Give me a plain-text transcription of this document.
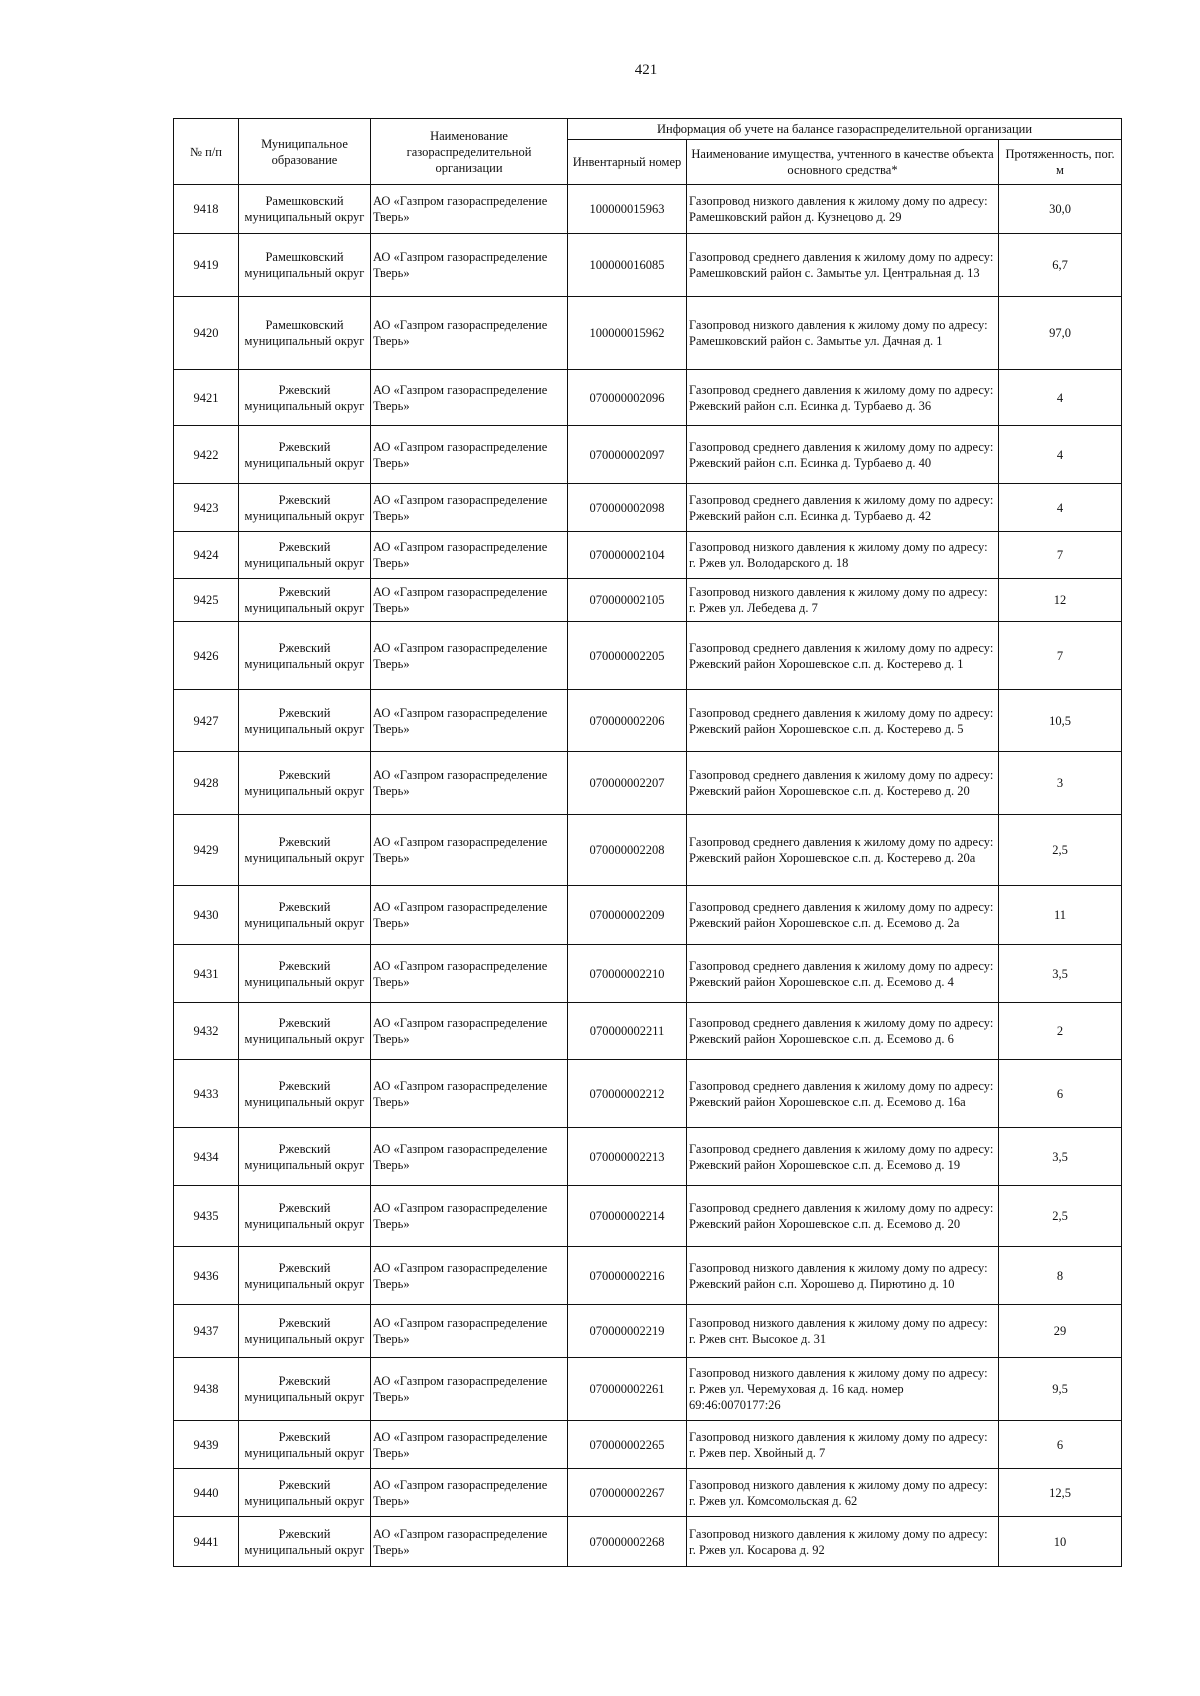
421
№ п/п	Муниципальное образование	Наименование газораспределительной организации	Информация об учете на балансе газораспределительной организации		
			Инвентарный номер	Наименование имущества, учтенного в качестве объекта основного средства*	Протяженность, пог. м
9418	Рамешковский муниципальный округ	АО «Газпром газораспределение Тверь»	100000015963	Газопровод низкого давления к жилому дому по адресу: Рамешковский район д. Кузнецово д. 29	30,0
9419	Рамешковский муниципальный округ	АО «Газпром газораспределение Тверь»	100000016085	Газопровод среднего давления к жилому дому по адресу: Рамешковский район с. Замытье ул. Центральная д. 13	6,7
9420	Рамешковский муниципальный округ	АО «Газпром газораспределение Тверь»	100000015962	Газопровод низкого давления к жилому дому по адресу: Рамешковский район с. Замытье ул. Дачная д. 1	97,0
9421	Ржевский муниципальный округ	АО «Газпром газораспределение Тверь»	070000002096	Газопровод среднего давления к жилому дому по адресу: Ржевский район с.п. Есинка д. Турбаево д. 36	4
9422	Ржевский муниципальный округ	АО «Газпром газораспределение Тверь»	070000002097	Газопровод среднего давления к жилому дому по адресу: Ржевский район с.п. Есинка д. Турбаево д. 40	4
9423	Ржевский муниципальный округ	АО «Газпром газораспределение Тверь»	070000002098	Газопровод среднего давления к жилому дому по адресу: Ржевский район с.п. Есинка д. Турбаево д. 42	4
9424	Ржевский муниципальный округ	АО «Газпром газораспределение Тверь»	070000002104	Газопровод низкого давления к жилому дому по адресу: г. Ржев ул. Володарского д. 18	7
9425	Ржевский муниципальный округ	АО «Газпром газораспределение Тверь»	070000002105	Газопровод низкого давления к жилому дому по адресу: г. Ржев ул. Лебедева д. 7	12
9426	Ржевский муниципальный округ	АО «Газпром газораспределение Тверь»	070000002205	Газопровод среднего давления к жилому дому по адресу: Ржевский район Хорошевское с.п. д. Костерево д. 1	7
9427	Ржевский муниципальный округ	АО «Газпром газораспределение Тверь»	070000002206	Газопровод среднего давления к жилому дому по адресу: Ржевский район Хорошевское с.п. д. Костерево д. 5	10,5
9428	Ржевский муниципальный округ	АО «Газпром газораспределение Тверь»	070000002207	Газопровод среднего давления к жилому дому по адресу: Ржевский район Хорошевское с.п. д. Костерево д. 20	3
9429	Ржевский муниципальный округ	АО «Газпром газораспределение Тверь»	070000002208	Газопровод среднего давления к жилому дому по адресу: Ржевский район Хорошевское с.п. д. Костерево д. 20а	2,5
9430	Ржевский муниципальный округ	АО «Газпром газораспределение Тверь»	070000002209	Газопровод среднего давления к жилому дому по адресу: Ржевский район Хорошевское с.п. д. Есемово д. 2а	11
9431	Ржевский муниципальный округ	АО «Газпром газораспределение Тверь»	070000002210	Газопровод среднего давления к жилому дому по адресу: Ржевский район Хорошевское с.п. д. Есемово д. 4	3,5
9432	Ржевский муниципальный округ	АО «Газпром газораспределение Тверь»	070000002211	Газопровод среднего давления к жилому дому по адресу: Ржевский район Хорошевское с.п. д. Есемово д. 6	2
9433	Ржевский муниципальный округ	АО «Газпром газораспределение Тверь»	070000002212	Газопровод среднего давления к жилому дому по адресу: Ржевский район Хорошевское с.п. д. Есемово д. 16а	6
9434	Ржевский муниципальный округ	АО «Газпром газораспределение Тверь»	070000002213	Газопровод среднего давления к жилому дому по адресу: Ржевский район Хорошевское с.п. д. Есемово д. 19	3,5
9435	Ржевский муниципальный округ	АО «Газпром газораспределение Тверь»	070000002214	Газопровод среднего давления к жилому дому по адресу: Ржевский район Хорошевское с.п. д. Есемово д. 20	2,5
9436	Ржевский муниципальный округ	АО «Газпром газораспределение Тверь»	070000002216	Газопровод низкого давления к жилому дому по адресу: Ржевский район с.п. Хорошево д. Пирютино д. 10	8
9437	Ржевский муниципальный округ	АО «Газпром газораспределение Тверь»	070000002219	Газопровод низкого давления к жилому дому по адресу: г. Ржев снт. Высокое д. 31	29
9438	Ржевский муниципальный округ	АО «Газпром газораспределение Тверь»	070000002261	Газопровод низкого давления к жилому дому по адресу: г. Ржев ул. Черемуховая д. 16 кад. номер 69:46:0070177:26	9,5
9439	Ржевский муниципальный округ	АО «Газпром газораспределение Тверь»	070000002265	Газопровод низкого давления к жилому дому по адресу: г. Ржев пер. Хвойный д. 7	6
9440	Ржевский муниципальный округ	АО «Газпром газораспределение Тверь»	070000002267	Газопровод низкого давления к жилому дому по адресу: г. Ржев ул. Комсомольская д. 62	12,5
9441	Ржевский муниципальный округ	АО «Газпром газораспределение Тверь»	070000002268	Газопровод низкого давления к жилому дому по адресу: г. Ржев ул. Косарова д. 92	10
